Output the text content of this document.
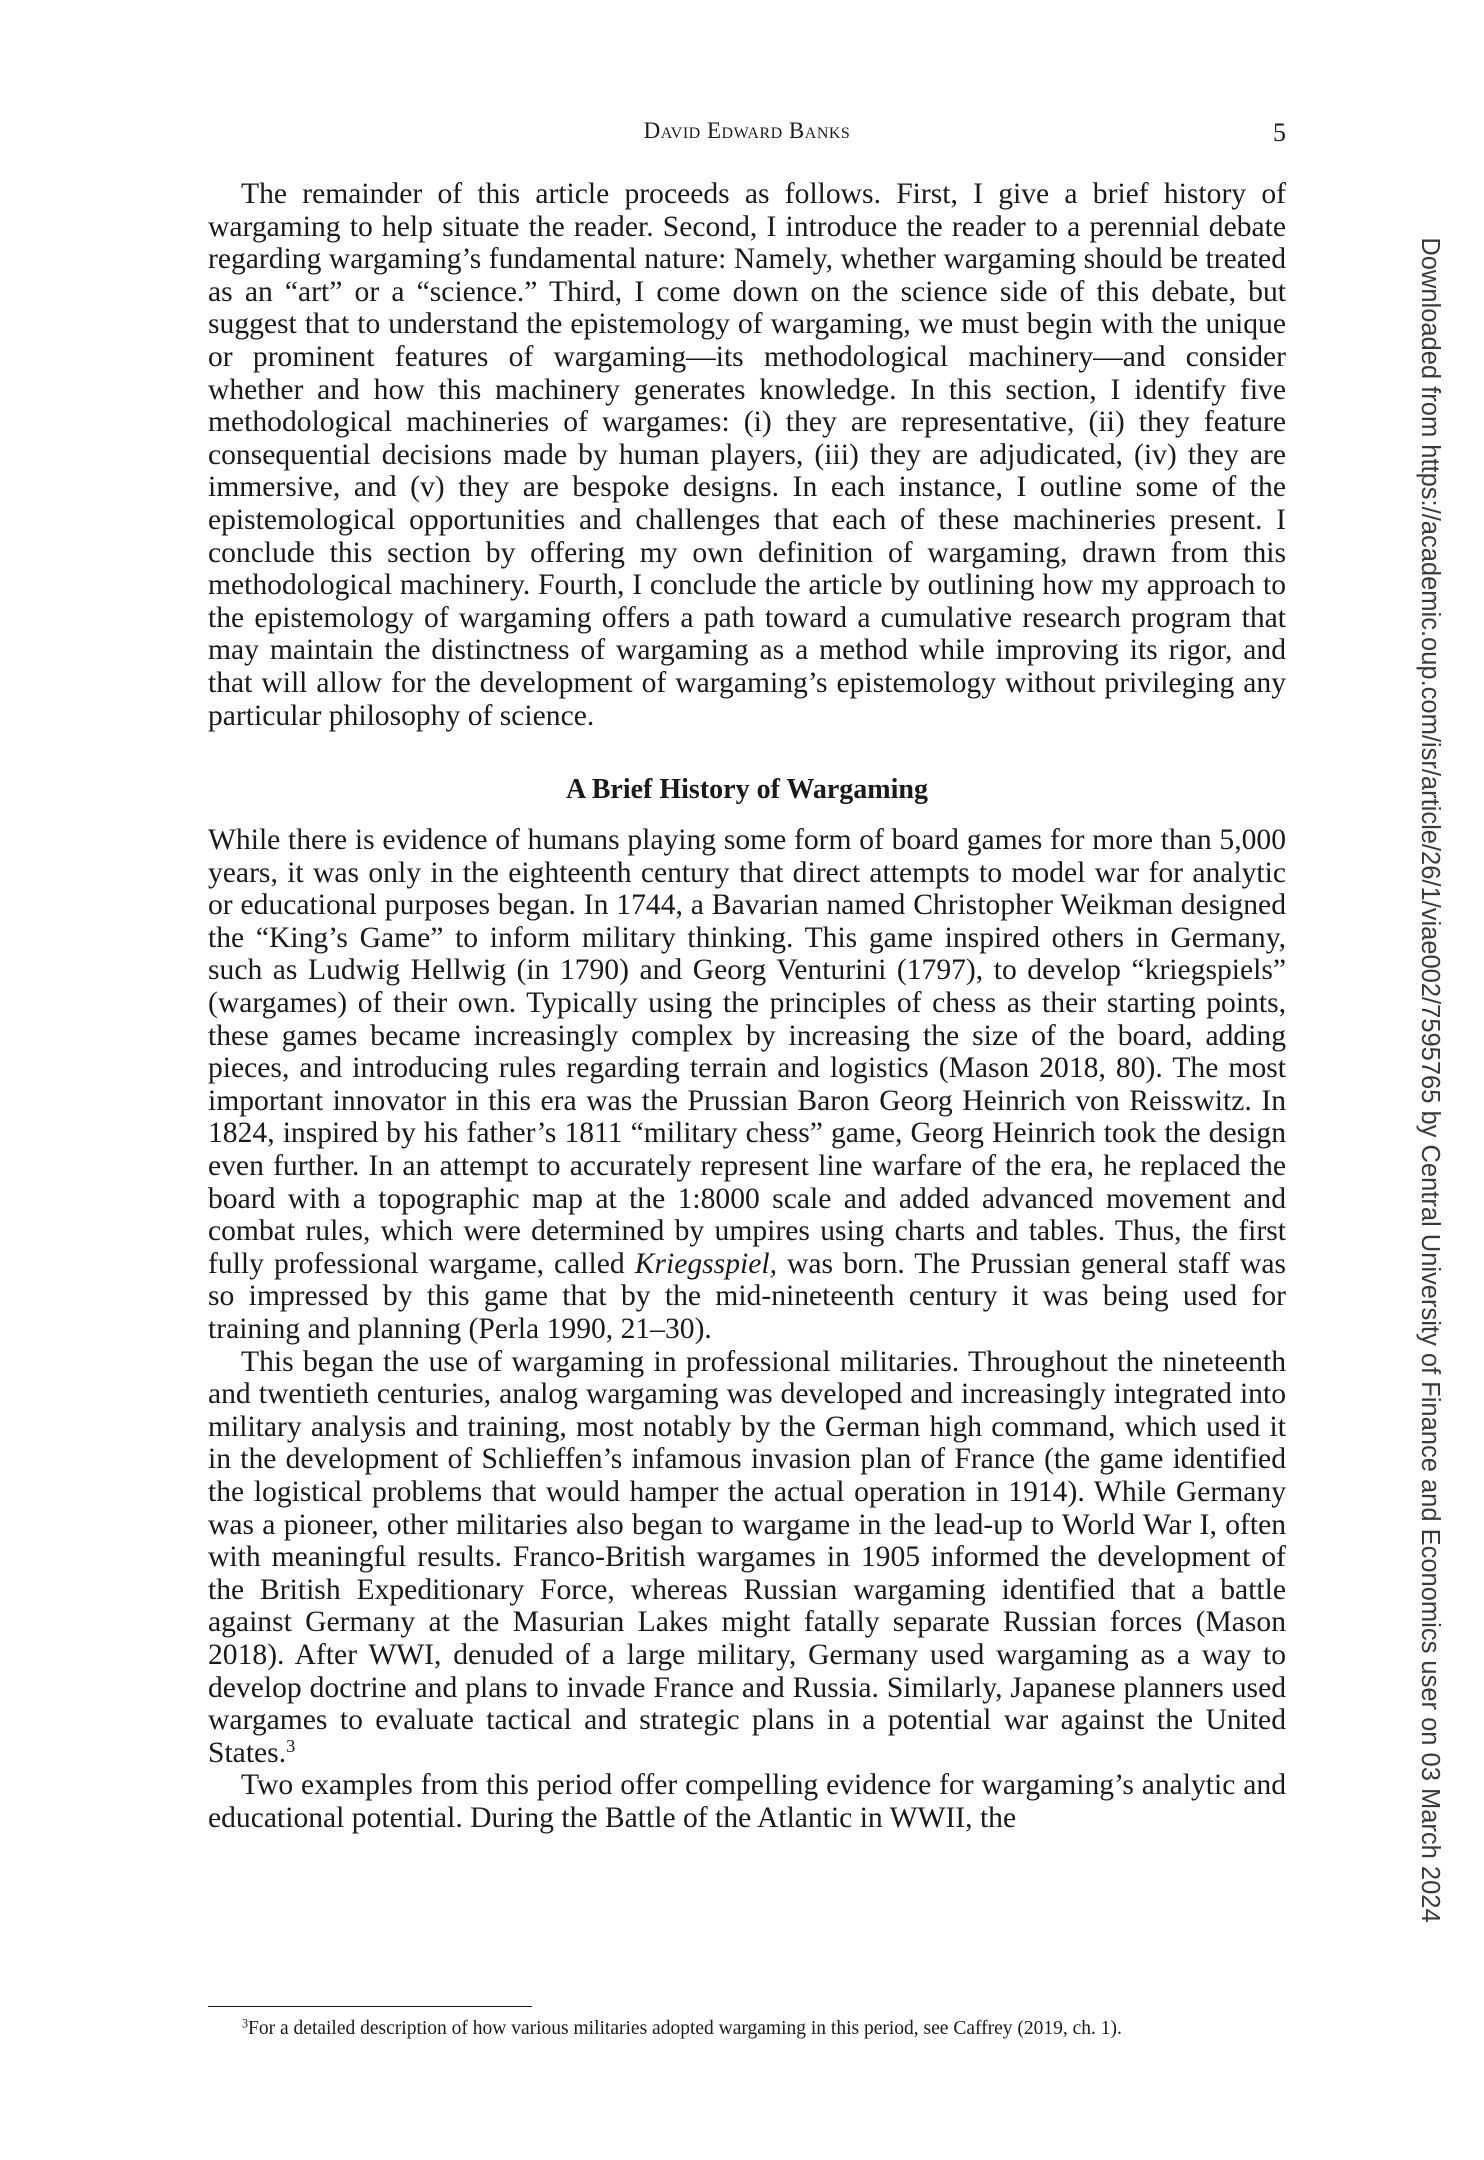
David Edward Banks	5

The remainder of this article proceeds as follows. First, I give a brief history of wargaming to help situate the reader. Second, I introduce the reader to a perennial debate regarding wargaming’s fundamental nature: Namely, whether wargaming should be treated as an “art” or a “science.” Third, I come down on the science side of this debate, but suggest that to understand the epistemology of wargaming, we must begin with the unique or prominent features of wargaming—its methodological machinery—and consider whether and how this machinery generates knowledge. In this section, I identify five methodological machineries of wargames: (i) they are representative, (ii) they feature consequential decisions made by human players, (iii) they are adjudicated, (iv) they are immersive, and (v) they are bespoke designs. In each instance, I outline some of the epistemological opportunities and challenges that each of these machineries present. I conclude this section by offering my own definition of wargaming, drawn from this methodological machinery. Fourth, I conclude the article by outlining how my approach to the epistemology of wargaming offers a path toward a cumulative research program that may maintain the distinctness of wargaming as a method while improving its rigor, and that will allow for the development of wargaming’s epistemology without privileging any particular philosophy of science.

A Brief History of Wargaming

While there is evidence of humans playing some form of board games for more than 5,000 years, it was only in the eighteenth century that direct attempts to model war for analytic or educational purposes began. In 1744, a Bavarian named Christopher Weikman designed the “King’s Game” to inform military thinking. This game inspired others in Germany, such as Ludwig Hellwig (in 1790) and Georg Venturini (1797), to develop “kriegspiels” (wargames) of their own. Typically using the principles of chess as their starting points, these games became increasingly complex by increasing the size of the board, adding pieces, and introducing rules regarding terrain and logistics (Mason 2018, 80). The most important innovator in this era was the Prussian Baron Georg Heinrich von Reisswitz. In 1824, inspired by his father’s 1811 “military chess” game, Georg Heinrich took the design even further. In an attempt to accurately represent line warfare of the era, he replaced the board with a topographic map at the 1:8000 scale and added advanced movement and combat rules, which were determined by umpires using charts and tables. Thus, the first fully professional wargame, called Kriegsspiel, was born. The Prussian general staff was so impressed by this game that by the mid-nineteenth century it was being used for training and planning (Perla 1990, 21–30).

This began the use of wargaming in professional militaries. Throughout the nineteenth and twentieth centuries, analog wargaming was developed and increasingly integrated into military analysis and training, most notably by the German high command, which used it in the development of Schlieffen’s infamous invasion plan of France (the game identified the logistical problems that would hamper the actual operation in 1914). While Germany was a pioneer, other militaries also began to wargame in the lead-up to World War I, often with meaningful results. Franco-British wargames in 1905 informed the development of the British Expeditionary Force, whereas Russian wargaming identified that a battle against Germany at the Masurian Lakes might fatally separate Russian forces (Mason 2018). After WWI, denuded of a large military, Germany used wargaming as a way to develop doctrine and plans to invade France and Russia. Similarly, Japanese planners used wargames to evaluate tactical and strategic plans in a potential war against the United States.$^3$

Two examples from this period offer compelling evidence for wargaming’s analytic and educational potential. During the Battle of the Atlantic in WWII, the

$^3$For a detailed description of how various militaries adopted wargaming in this period, see Caffrey (2019, ch. 1).
Downloaded from https://academic.oup.com/isr/article/26/1/viae002/7595765 by Central University of Finance and Economics user on 03 March 2024
